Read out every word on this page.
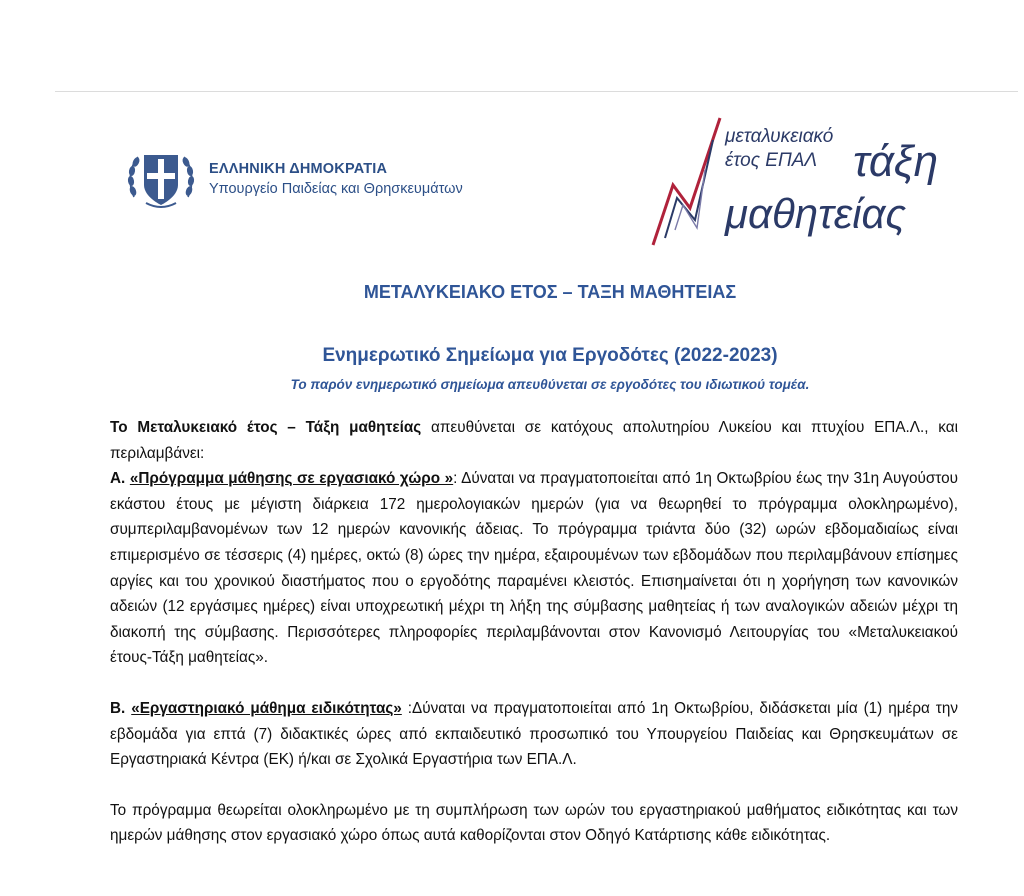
ΕΛΛΗΝΙΚΗ ΔΗΜΟΚΡΑΤΙΑ

Υπουργείο Παιδείας και Θρησκευμάτων

μεταλυκειακό
έτος ΕΠΑΛ τάξη
μαθητείας
ΜΕΤΑΛΥΚΕΙΑΚΟ ΕΤΟΣ – ΤΑΞΗ ΜΑΘΗΤΕΙΑΣ
Ενημερωτικό Σημείωμα για Εργοδότες (2022-2023)

Το παρόν ενημερωτικό σημείωμα απευθύνεται σε εργοδότες του ιδιωτικού τομέα.

Το Μεταλυκειακό έτος – Τάξη μαθητείας απευθύνεται σε κατόχους απολυτηρίου Λυκείου και πτυχίου ΕΠΑ.Λ., και περιλαμβάνει:

Α. «Πρόγραμμα μάθησης σε εργασιακό χώρο »: Δύναται να πραγματοποιείται από 1η Οκτωβρίου έως την 31η Αυγούστου εκάστου έτους με μέγιστη διάρκεια 172 ημερολογιακών ημερών (για να θεωρηθεί το πρόγραμμα ολοκληρωμένο), συμπεριλαμβανομένων των 12 ημερών κανονικής άδειας. Το πρόγραμμα τριάντα δύο (32) ωρών εβδομαδιαίως είναι επιμερισμένο σε τέσσερις (4) ημέρες, οκτώ (8) ώρες την ημέρα, εξαιρουμένων των εβδομάδων που περιλαμβάνουν επίσημες αργίες και του χρονικού διαστήματος που ο εργοδότης παραμένει κλειστός. Επισημαίνεται ότι η χορήγηση των κανονικών αδειών (12 εργάσιμες ημέρες) είναι υποχρεωτική μέχρι τη λήξη της σύμβασης μαθητείας ή των αναλογικών αδειών μέχρι τη διακοπή της σύμβασης. Περισσότερες πληροφορίες περιλαμβάνονται στον Κανονισμό Λειτουργίας του «Μεταλυκειακού έτους-Τάξη μαθητείας».

Β. «Εργαστηριακό μάθημα ειδικότητας» :Δύναται να πραγματοποιείται από 1η Οκτωβρίου, διδάσκεται μία (1) ημέρα την εβδομάδα για επτά (7) διδακτικές ώρες από εκπαιδευτικό προσωπικό του Υπουργείου Παιδείας και Θρησκευμάτων σε Εργαστηριακά Κέντρα (ΕΚ) ή/και σε Σχολικά Εργαστήρια των ΕΠΑ.Λ.

Το πρόγραμμα θεωρείται ολοκληρωμένο με τη συμπλήρωση των ωρών του εργαστηριακού μαθήματος ειδικότητας και των ημερών μάθησης στον εργασιακό χώρο όπως αυτά καθορίζονται στον Οδηγό Κατάρτισης κάθε ειδικότητας.
